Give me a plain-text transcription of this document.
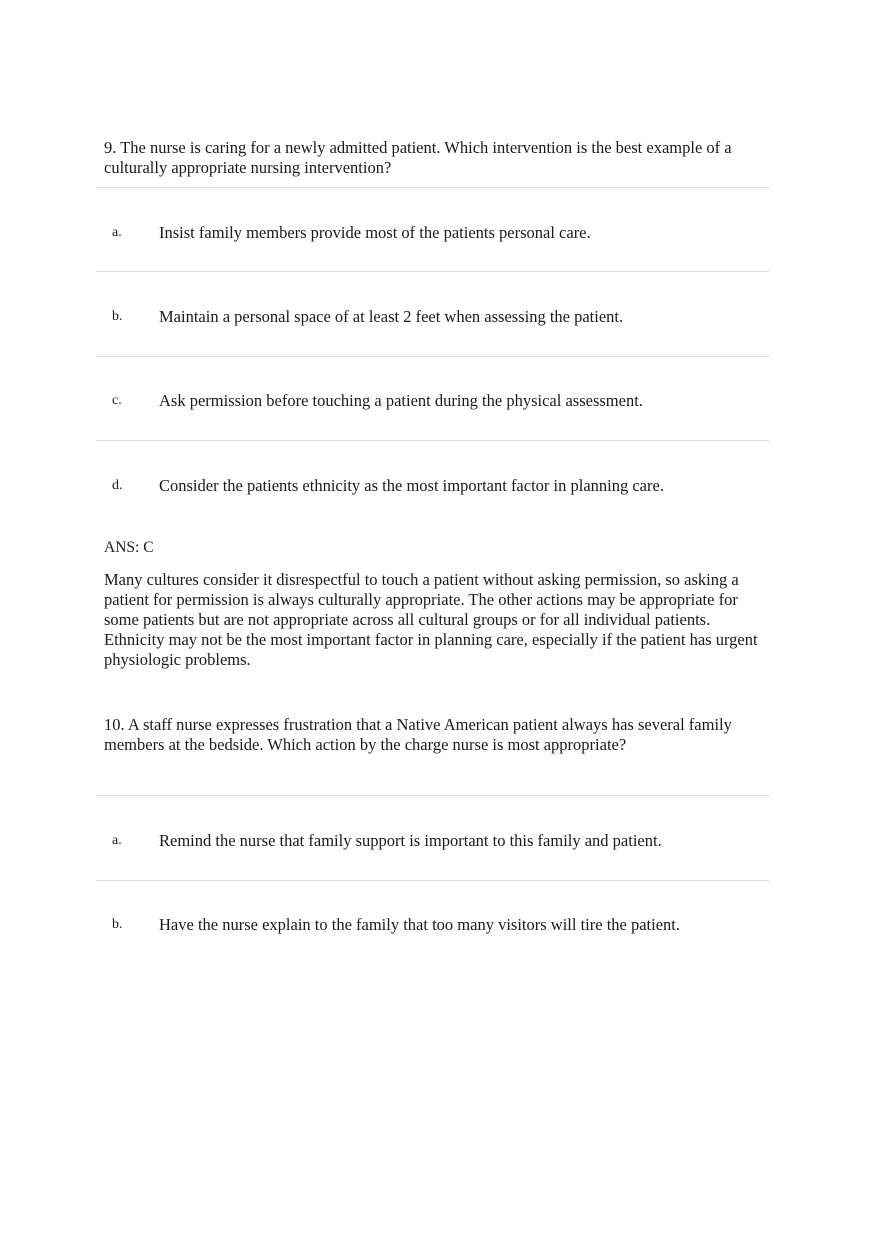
9. The nurse is caring for a newly admitted patient. Which intervention is the best example of a culturally appropriate nursing intervention?
a. Insist family members provide most of the patients personal care.
b. Maintain a personal space of at least 2 feet when assessing the patient.
c. Ask permission before touching a patient during the physical assessment.
d. Consider the patients ethnicity as the most important factor in planning care.
ANS: C
Many cultures consider it disrespectful to touch a patient without asking permission, so asking a patient for permission is always culturally appropriate. The other actions may be appropriate for some patients but are not appropriate across all cultural groups or for all individual patients. Ethnicity may not be the most important factor in planning care, especially if the patient has urgent physiologic problems.
10. A staff nurse expresses frustration that a Native American patient always has several family members at the bedside. Which action by the charge nurse is most appropriate?
a. Remind the nurse that family support is important to this family and patient.
b. Have the nurse explain to the family that too many visitors will tire the patient.
